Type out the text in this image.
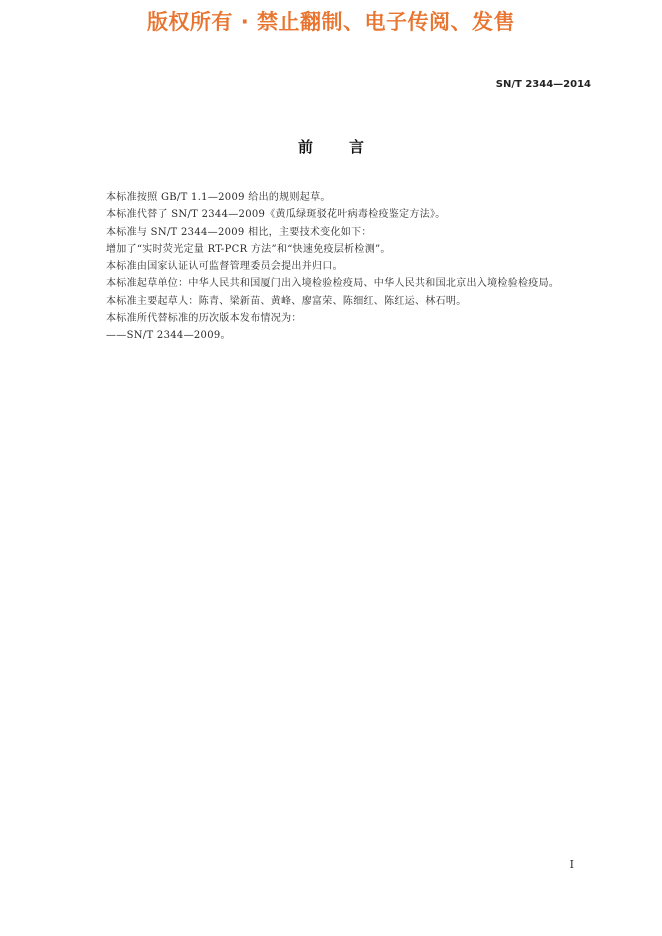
版权所有 · 禁止翻制、电子传阅、发售
SN/T 2344—2014
前言

本标准按照 GB/T 1.1—2009 给出的规则起草。

本标准代替了 SN/T 2344—2009《黄瓜绿斑驳花叶病毒检疫鉴定方法》。

本标准与 SN/T 2344—2009 相比，主要技术变化如下：

增加了“实时荧光定量 RT-PCR 方法”和“快速免疫层析检测”。

本标准由国家认证认可监督管理委员会提出并归口。

本标准起草单位：中华人民共和国厦门出入境检验检疫局、中华人民共和国北京出入境检验检疫局。

本标准主要起草人：陈青、梁新苗、黄峰、廖富荣、陈细红、陈红运、林石明。

本标准所代替标准的历次版本发布情况为：

——SN/T 2344—2009。

I
